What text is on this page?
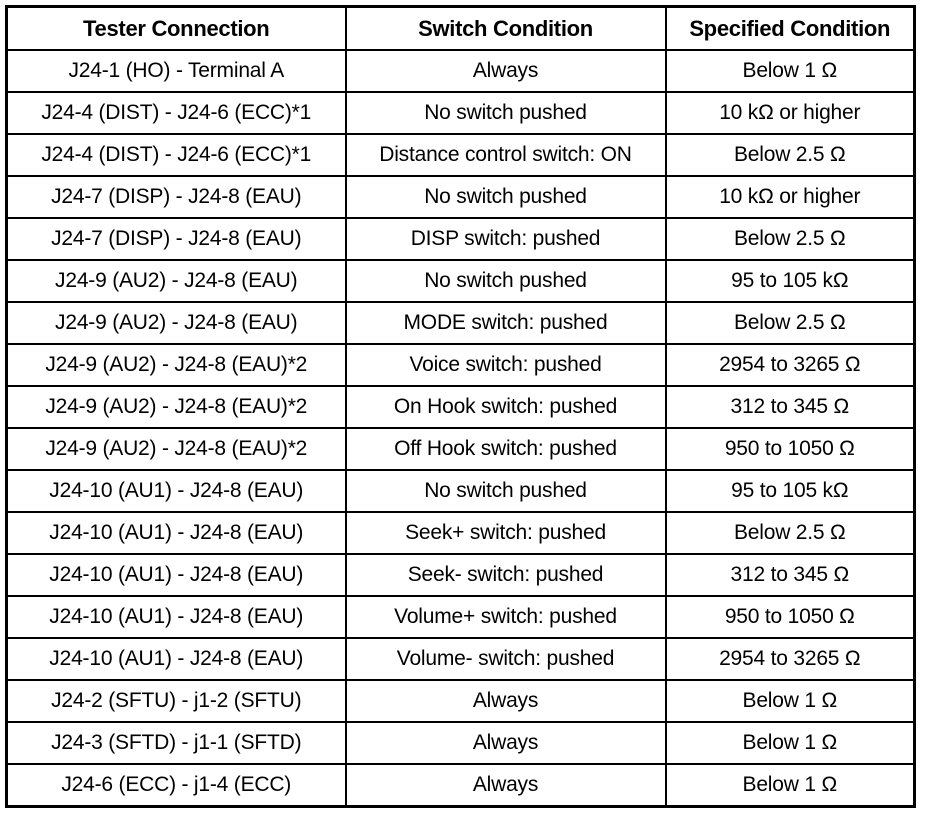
Tester Connection	Switch Condition	Specified Condition
J24-1 (HO) - Terminal A	Always	Below 1 Ω
J24-4 (DIST) - J24-6 (ECC)*1	No switch pushed	10 kΩ or higher
J24-4 (DIST) - J24-6 (ECC)*1	Distance control switch: ON	Below 2.5 Ω
J24-7 (DISP) - J24-8 (EAU)	No switch pushed	10 kΩ or higher
J24-7 (DISP) - J24-8 (EAU)	DISP switch: pushed	Below 2.5 Ω
J24-9 (AU2) - J24-8 (EAU)	No switch pushed	95 to 105 kΩ
J24-9 (AU2) - J24-8 (EAU)	MODE switch: pushed	Below 2.5 Ω
J24-9 (AU2) - J24-8 (EAU)*2	Voice switch: pushed	2954 to 3265 Ω
J24-9 (AU2) - J24-8 (EAU)*2	On Hook switch: pushed	312 to 345 Ω
J24-9 (AU2) - J24-8 (EAU)*2	Off Hook switch: pushed	950 to 1050 Ω
J24-10 (AU1) - J24-8 (EAU)	No switch pushed	95 to 105 kΩ
J24-10 (AU1) - J24-8 (EAU)	Seek+ switch: pushed	Below 2.5 Ω
J24-10 (AU1) - J24-8 (EAU)	Seek- switch: pushed	312 to 345 Ω
J24-10 (AU1) - J24-8 (EAU)	Volume+ switch: pushed	950 to 1050 Ω
J24-10 (AU1) - J24-8 (EAU)	Volume- switch: pushed	2954 to 3265 Ω
J24-2 (SFTU) - j1-2 (SFTU)	Always	Below 1 Ω
J24-3 (SFTD) - j1-1 (SFTD)	Always	Below 1 Ω
J24-6 (ECC) - j1-4 (ECC)	Always	Below 1 Ω
